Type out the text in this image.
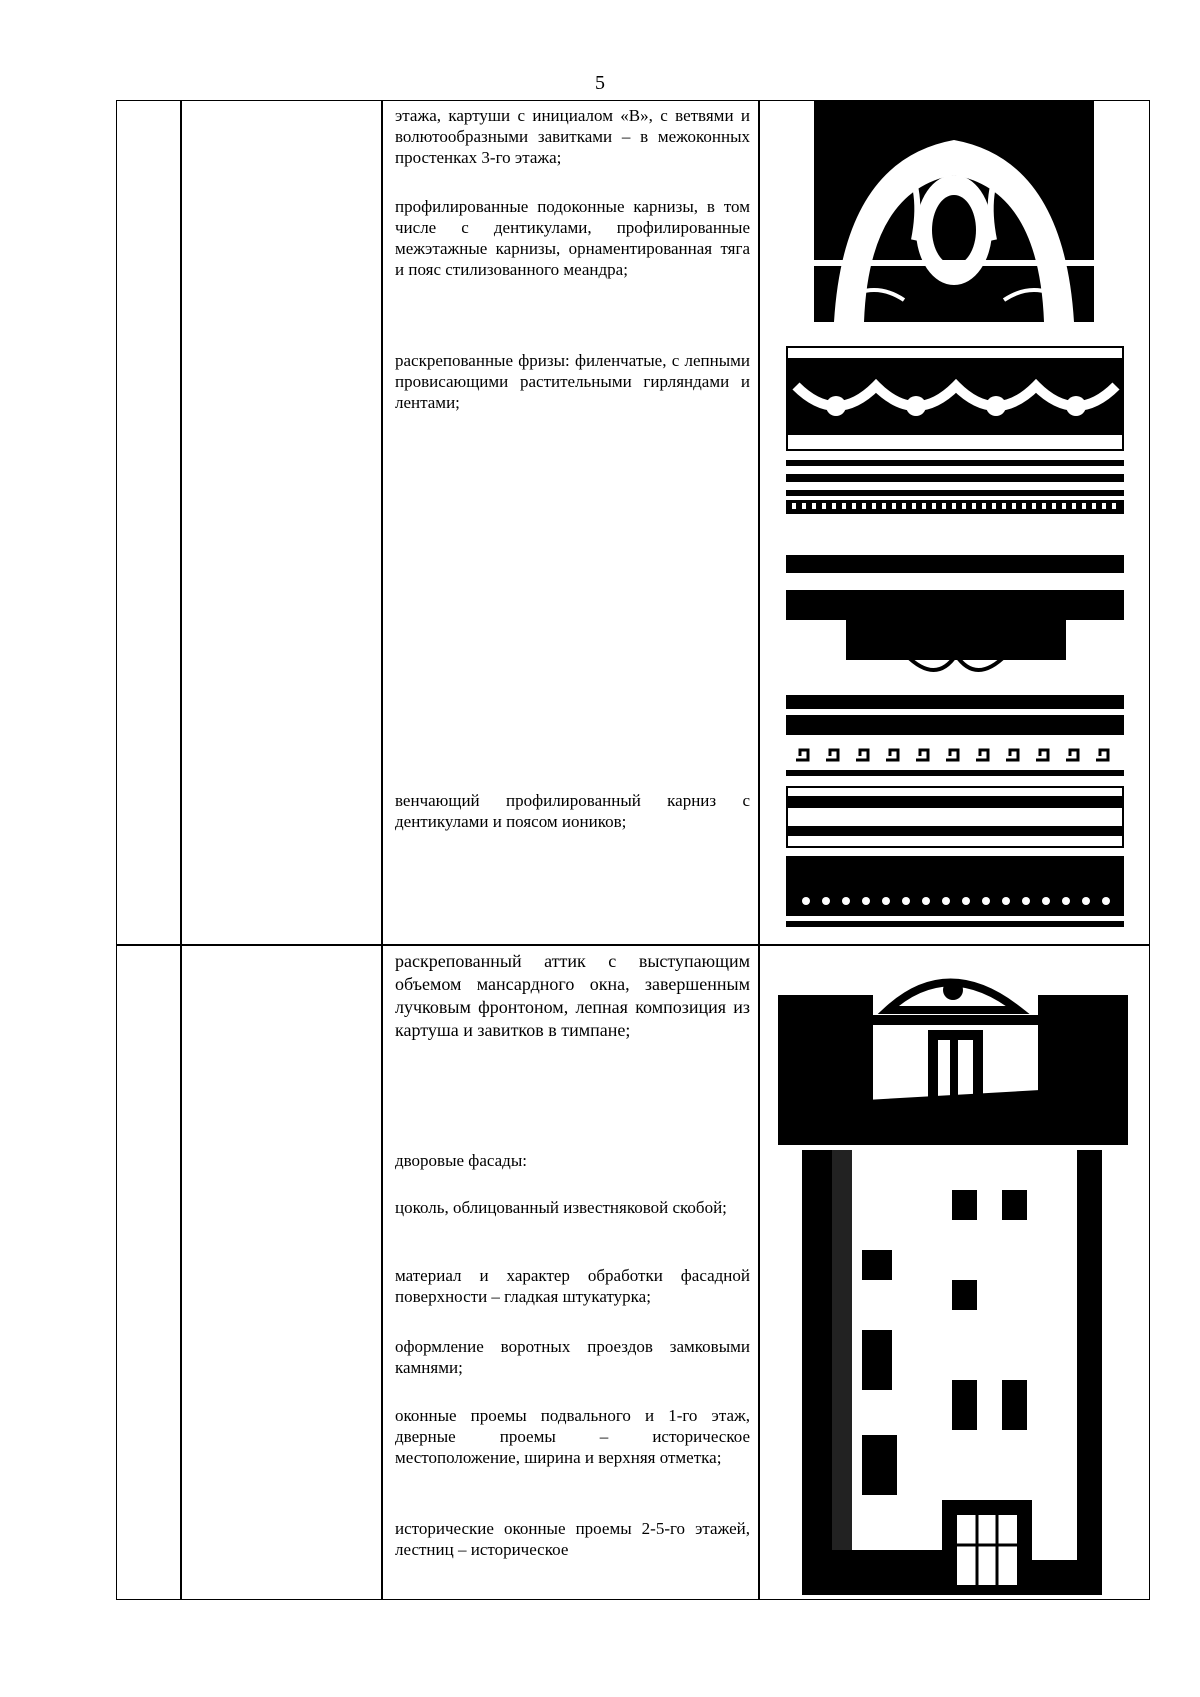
5

этажа, картуши с инициалом «В», с ветвями и волютообразными завитками – в межоконных простенках 3-го этажа;

профилированные подоконные карнизы, в том числе с дентикулами, профилированные межэтажные карнизы, орнаментированная тяга и пояс стилизованного меандра;

раскрепованные фризы: филенчатые, с лепными провисающими растительными гирляндами и лентами;

венчающий профилированный карниз с дентикулами и поясом иоников;

раскрепованный аттик с выступающим объемом мансардного окна, завершенным лучковым фронтоном, лепная композиция из картуша и завитков в тимпане;

дворовые фасады:

цоколь, облицованный известняковой скобой;

материал и характер обработки фасадной поверхности – гладкая штукатурка;

оформление воротных проездов замковыми камнями;

оконные проемы подвального и 1-го этаж, дверные проемы – историческое местоположение, ширина и верхняя отметка;

исторические оконные проемы 2-5-го этажей, лестниц – историческое
